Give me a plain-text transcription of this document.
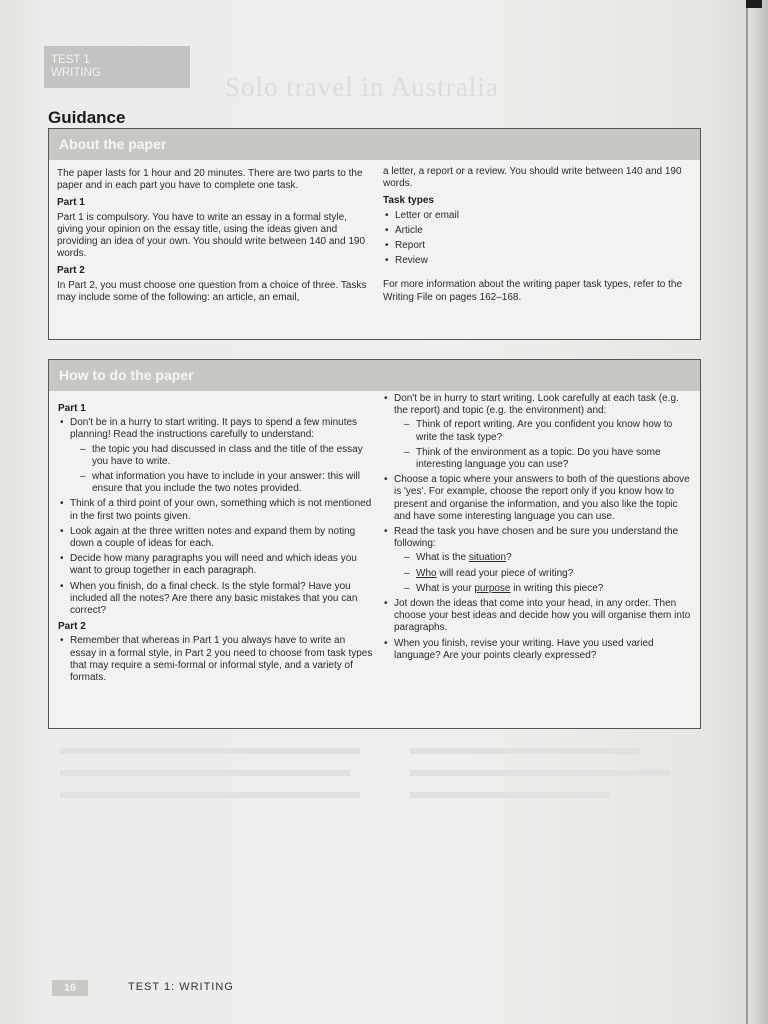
TEST 1
WRITING	Solo travel in Australia
Guidance
About the paper

The paper lasts for 1 hour and 20 minutes. There are two parts to the paper and in each part you have to complete one task.

Part 1

Part 1 is compulsory. You have to write an essay in a formal style, giving your opinion on the essay title, using the ideas given and providing an idea of your own. You should write between 140 and 190 words.

Part 2

In Part 2, you must choose one question from a choice of three. Tasks may include some of the following: an article, an email,

a letter, a report or a review. You should write between 140 and 190 words.

Task types
• Letter or email
• Article
• Report
• Review

For more information about the writing paper task types, refer to the Writing File on pages 162–168.

How to do the paper
Part 1
• Don't be in a hurry to start writing. It pays to spend a few minutes planning! Read the instructions carefully to understand:
– the topic you had discussed in class and the title of the essay you have to write.
– what information you have to include in your answer: this will ensure that you include the two notes provided.
• Think of a third point of your own, something which is not mentioned in the first two points given.
• Look again at the three written notes and expand them by noting down a couple of ideas for each.
• Decide how many paragraphs you will need and which ideas you want to group together in each paragraph.
• When you finish, do a final check. Is the style formal? Have you included all the notes? Are there any basic mistakes that you can correct?
Part 2
• Remember that whereas in Part 1 you always have to write an essay in a formal style, in Part 2 you need to choose from task types that may require a semi-formal or informal style, and a variety of formats.
• Don't be in hurry to start writing. Look carefully at each task (e.g. the report) and topic (e.g. the environment) and:
– Think of report writing. Are you confident you know how to write the task type?
– Think of the environment as a topic. Do you have some interesting language you can use?
• Choose a topic where your answers to both of the questions above is 'yes'. For example, choose the report only if you know how to present and organise the information, and you also like the topic and have some interesting language you can use.
• Read the task you have chosen and be sure you understand the following:
– What is the situation?
– Who will read your piece of writing?
– What is your purpose in writing this piece?
• Jot down the ideas that come into your head, in any order. Then choose your best ideas and decide how you will organise them into paragraphs.
• When you finish, revise your writing. Have you used varied language? Are your points clearly expressed?
16	TEST 1: WRITING
